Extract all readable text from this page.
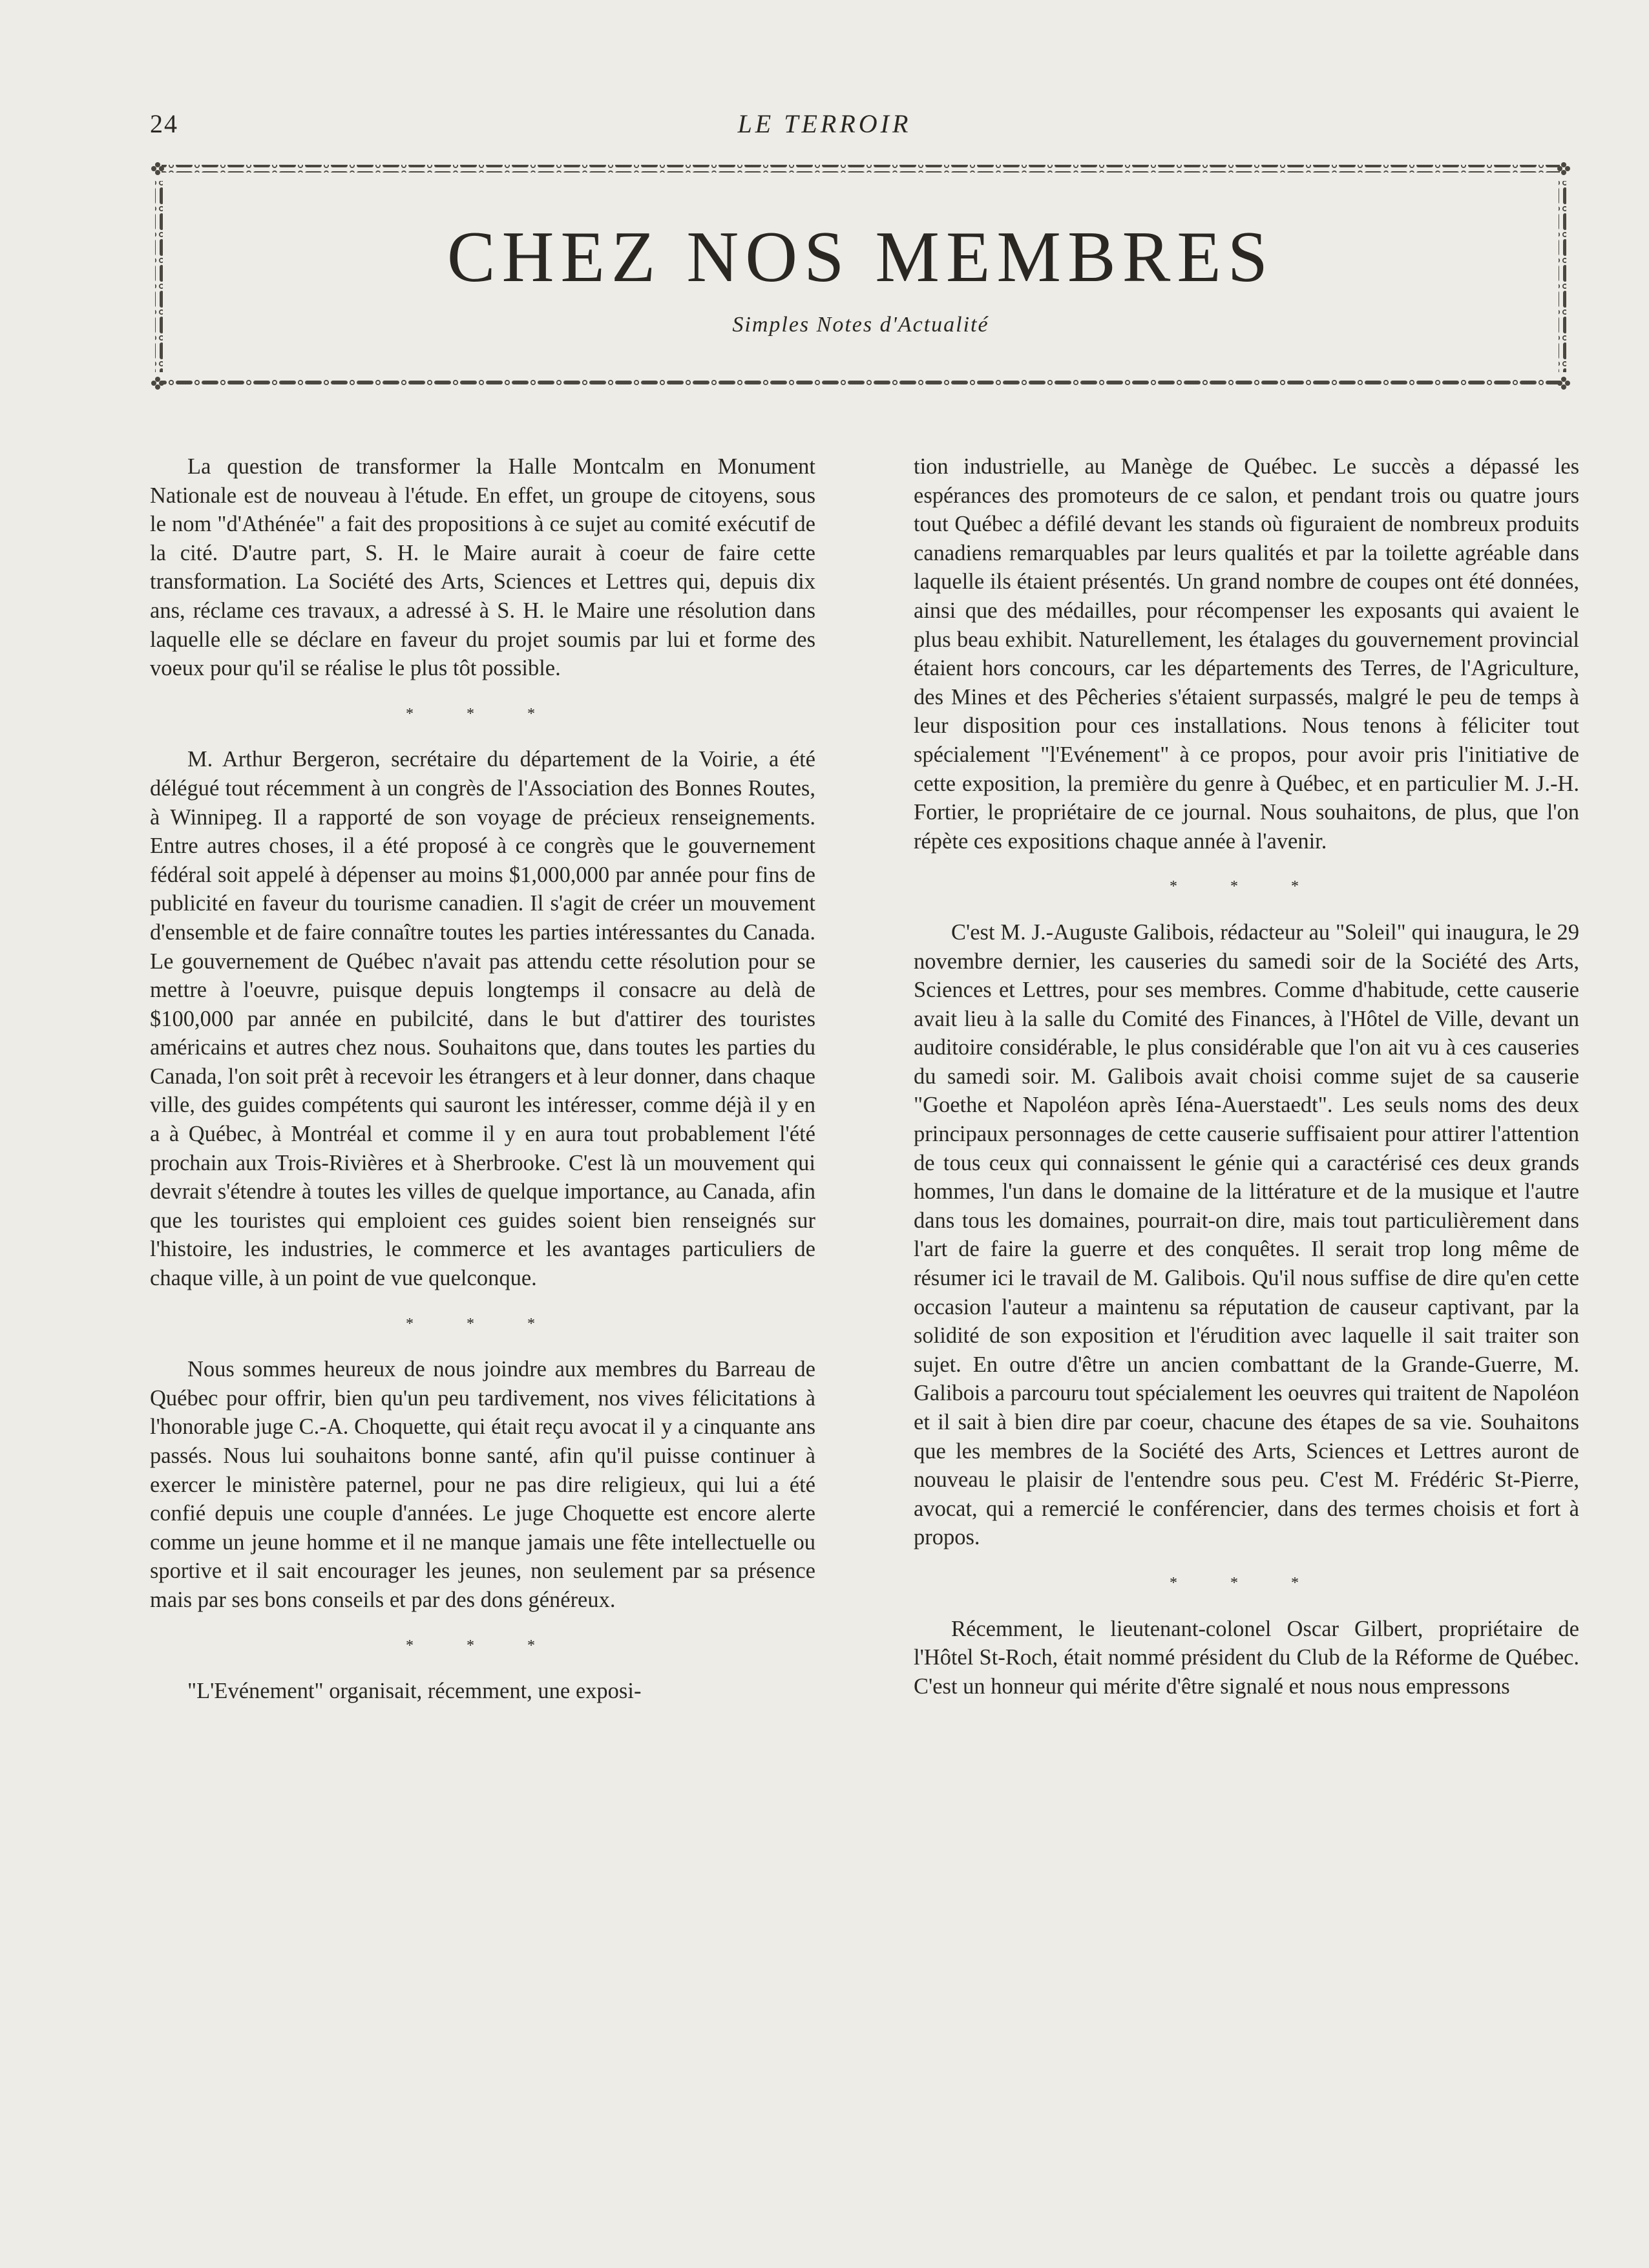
24	LE TERROIR
CHEZ NOS MEMBRES
Simples Notes d'Actualité

La question de transformer la Halle Montcalm en Monument Nationale est de nouveau à l'étude. En effet, un groupe de citoyens, sous le nom "d'Athénée" a fait des propositions à ce sujet au comité exécutif de la cité. D'autre part, S. H. le Maire aurait à coeur de faire cette transformation. La Société des Arts, Sciences et Lettres qui, depuis dix ans, réclame ces travaux, a adressé à S. H. le Maire une résolution dans laquelle elle se déclare en faveur du projet soumis par lui et forme des voeux pour qu'il se réalise le plus tôt possible.

* * *

M. Arthur Bergeron, secrétaire du département de la Voirie, a été délégué tout récemment à un congrès de l'Association des Bonnes Routes, à Winnipeg. Il a rapporté de son voyage de précieux renseignements. Entre autres choses, il a été proposé à ce congrès que le gouvernement fédéral soit appelé à dépenser au moins $1,000,000 par année pour fins de publicité en faveur du tourisme canadien. Il s'agit de créer un mouvement d'ensemble et de faire connaître toutes les parties intéressantes du Canada. Le gouvernement de Québec n'avait pas attendu cette résolution pour se mettre à l'oeuvre, puisque depuis longtemps il consacre au delà de $100,000 par année en pubilcité, dans le but d'attirer des touristes américains et autres chez nous. Souhaitons que, dans toutes les parties du Canada, l'on soit prêt à recevoir les étrangers et à leur donner, dans chaque ville, des guides compétents qui sauront les intéresser, comme déjà il y en a à Québec, à Montréal et comme il y en aura tout probablement l'été prochain aux Trois-Rivières et à Sherbrooke. C'est là un mouvement qui devrait s'étendre à toutes les villes de quelque importance, au Canada, afin que les touristes qui emploient ces guides soient bien renseignés sur l'histoire, les industries, le commerce et les avantages particuliers de chaque ville, à un point de vue quelconque.

* * *

Nous sommes heureux de nous joindre aux membres du Barreau de Québec pour offrir, bien qu'un peu tardivement, nos vives félicitations à l'honorable juge C.-A. Choquette, qui était reçu avocat il y a cinquante ans passés. Nous lui souhaitons bonne santé, afin qu'il puisse continuer à exercer le ministère paternel, pour ne pas dire religieux, qui lui a été confié depuis une couple d'années. Le juge Choquette est encore alerte comme un jeune homme et il ne manque jamais une fête intellectuelle ou sportive et il sait encourager les jeunes, non seulement par sa présence mais par ses bons conseils et par des dons généreux.

* * *

"L'Evénement" organisait, récemment, une exposi-

tion industrielle, au Manège de Québec. Le succès a dépassé les espérances des promoteurs de ce salon, et pendant trois ou quatre jours tout Québec a défilé devant les stands où figuraient de nombreux produits canadiens remarquables par leurs qualités et par la toilette agréable dans laquelle ils étaient présentés. Un grand nombre de coupes ont été données, ainsi que des médailles, pour récompenser les exposants qui avaient le plus beau exhibit. Naturellement, les étalages du gouvernement provincial étaient hors concours, car les départements des Terres, de l'Agriculture, des Mines et des Pêcheries s'étaient surpassés, malgré le peu de temps à leur disposition pour ces installations. Nous tenons à féliciter tout spécialement "l'Evénement" à ce propos, pour avoir pris l'initiative de cette exposition, la première du genre à Québec, et en particulier M. J.-H. Fortier, le propriétaire de ce journal. Nous souhaitons, de plus, que l'on répète ces expositions chaque année à l'avenir.

* * *

C'est M. J.-Auguste Galibois, rédacteur au "Soleil" qui inaugura, le 29 novembre dernier, les causeries du samedi soir de la Société des Arts, Sciences et Lettres, pour ses membres. Comme d'habitude, cette causerie avait lieu à la salle du Comité des Finances, à l'Hôtel de Ville, devant un auditoire considérable, le plus considérable que l'on ait vu à ces causeries du samedi soir. M. Galibois avait choisi comme sujet de sa causerie "Goethe et Napoléon après Iéna-Auerstaedt". Les seuls noms des deux principaux personnages de cette causerie suffisaient pour attirer l'attention de tous ceux qui connaissent le génie qui a caractérisé ces deux grands hommes, l'un dans le domaine de la littérature et de la musique et l'autre dans tous les domaines, pourrait-on dire, mais tout particulièrement dans l'art de faire la guerre et des conquêtes. Il serait trop long même de résumer ici le travail de M. Galibois. Qu'il nous suffise de dire qu'en cette occasion l'auteur a maintenu sa réputation de causeur captivant, par la solidité de son exposition et l'érudition avec laquelle il sait traiter son sujet. En outre d'être un ancien combattant de la Grande-Guerre, M. Galibois a parcouru tout spécialement les oeuvres qui traitent de Napoléon et il sait à bien dire par coeur, chacune des étapes de sa vie. Souhaitons que les membres de la Société des Arts, Sciences et Lettres auront de nouveau le plaisir de l'entendre sous peu. C'est M. Frédéric St-Pierre, avocat, qui a remercié le conférencier, dans des termes choisis et fort à propos.

* * *

Récemment, le lieutenant-colonel Oscar Gilbert, propriétaire de l'Hôtel St-Roch, était nommé président du Club de la Réforme de Québec. C'est un honneur qui mérite d'être signalé et nous nous empressons
